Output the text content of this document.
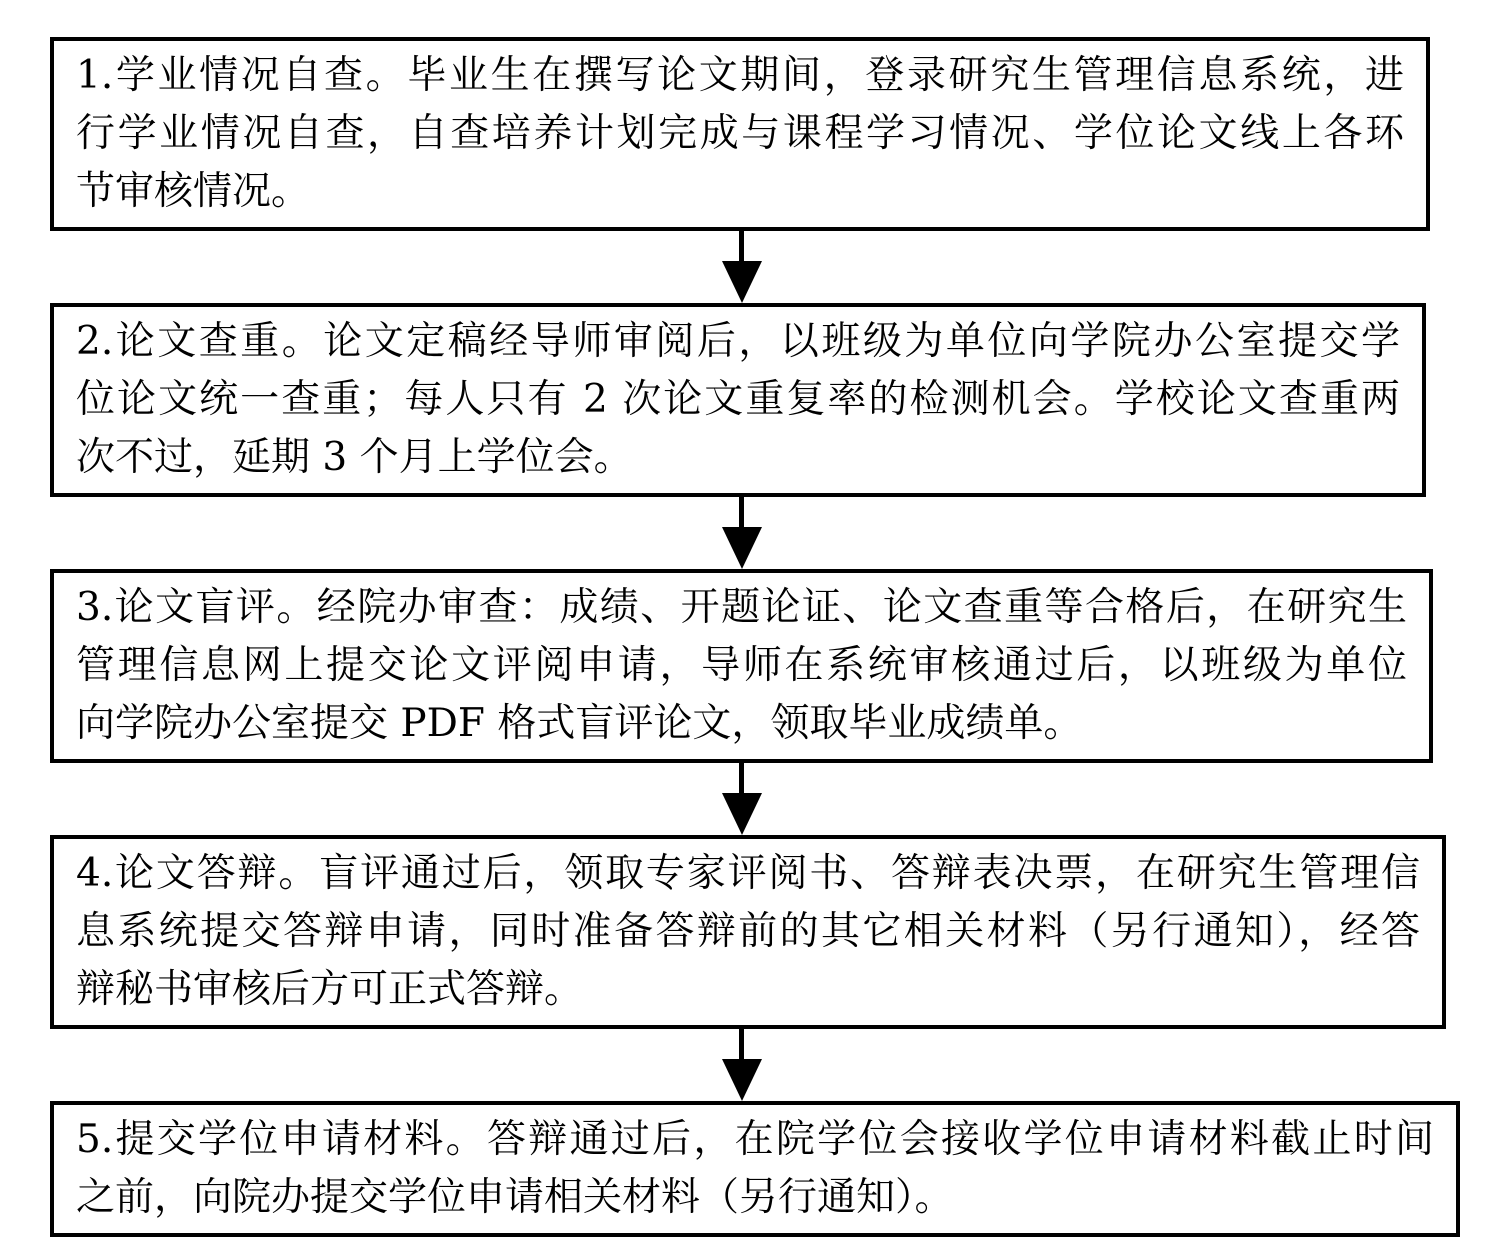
1.学业情况自查。毕业生在撰写论文期间，登录研究生管理信息系统，进
行学业情况自查，自查培养计划完成与课程学习情况、学位论文线上各环
节审核情况。
2.论文查重。论文定稿经导师审阅后，以班级为单位向学院办公室提交学
位论文统一查重；每人只有 2 次论文重复率的检测机会。学校论文查重两
次不过，延期 3 个月上学位会。
3.论文盲评。经院办审查：成绩、开题论证、论文查重等合格后，在研究生
管理信息网上提交论文评阅申请，导师在系统审核通过后，以班级为单位
向学院办公室提交 PDF 格式盲评论文，领取毕业成绩单。
4.论文答辩。盲评通过后，领取专家评阅书、答辩表决票，在研究生管理信
息系统提交答辩申请，同时准备答辩前的其它相关材料（另行通知），经答
辩秘书审核后方可正式答辩。
5.提交学位申请材料。答辩通过后，在院学位会接收学位申请材料截止时间
之前，向院办提交学位申请相关材料（另行通知）。
